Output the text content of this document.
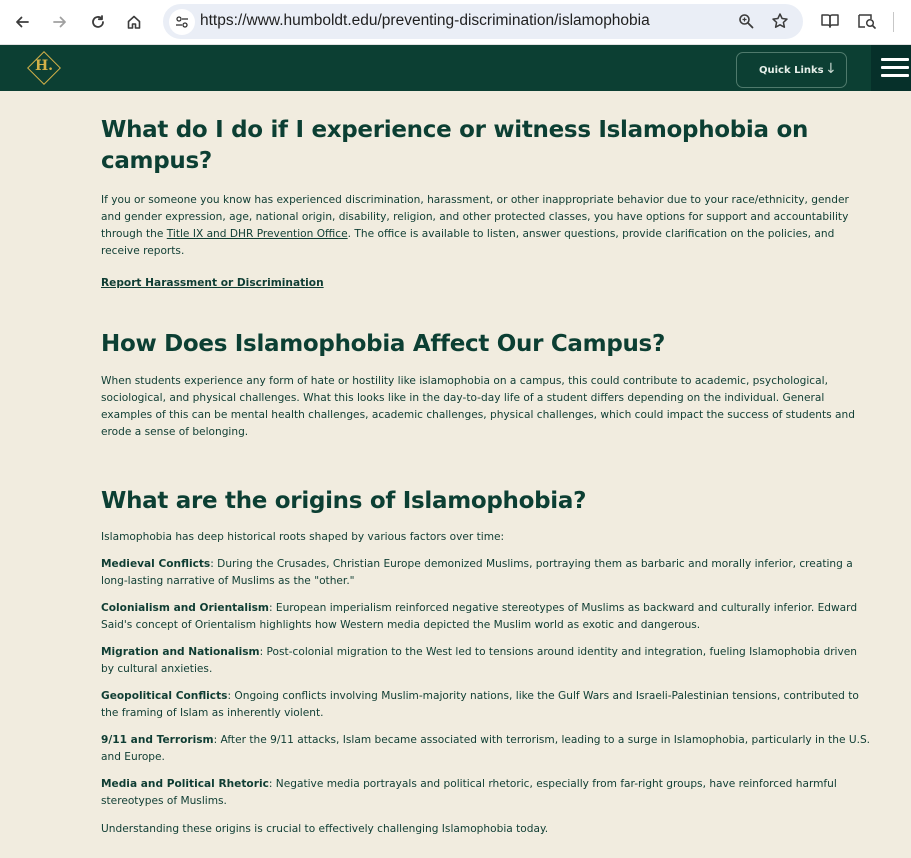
https://www.humboldt.edu/preventing-discrimination/islamophobia
H.	Quick Links ↓
What do I do if I experience or witness Islamophobia on campus?

If you or someone you know has experienced discrimination, harassment, or other inappropriate behavior due to your race/ethnicity, gender and gender expression, age, national origin, disability, religion, and other protected classes, you have options for support and accountability through the Title IX and DHR Prevention Office. The office is available to listen, answer questions, provide clarification on the policies, and receive reports.

Report Harassment or Discrimination
How Does Islamophobia Affect Our Campus?

When students experience any form of hate or hostility like islamophobia on a campus, this could contribute to academic, psychological, sociological, and physical challenges. What this looks like in the day-to-day life of a student differs depending on the individual. General examples of this can be mental health challenges, academic challenges, physical challenges, which could impact the success of students and erode a sense of belonging.

What are the origins of Islamophobia?

Islamophobia has deep historical roots shaped by various factors over time:

Medieval Conflicts: During the Crusades, Christian Europe demonized Muslims, portraying them as barbaric and morally inferior, creating a long-lasting narrative of Muslims as the "other."

Colonialism and Orientalism: European imperialism reinforced negative stereotypes of Muslims as backward and culturally inferior. Edward Said's concept of Orientalism highlights how Western media depicted the Muslim world as exotic and dangerous.

Migration and Nationalism: Post-colonial migration to the West led to tensions around identity and integration, fueling Islamophobia driven by cultural anxieties.

Geopolitical Conflicts: Ongoing conflicts involving Muslim-majority nations, like the Gulf Wars and Israeli-Palestinian tensions, contributed to the framing of Islam as inherently violent.

9/11 and Terrorism: After the 9/11 attacks, Islam became associated with terrorism, leading to a surge in Islamophobia, particularly in the U.S. and Europe.

Media and Political Rhetoric: Negative media portrayals and political rhetoric, especially from far-right groups, have reinforced harmful stereotypes of Muslims.

Understanding these origins is crucial to effectively challenging Islamophobia today.
